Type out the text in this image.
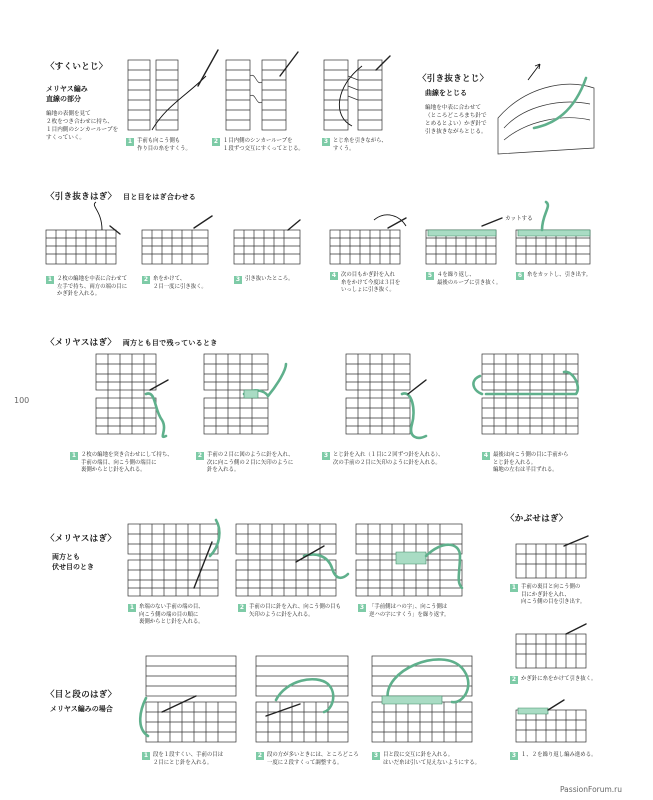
100
PassionForum.ru
〈すくいとじ〉
メリヤス編み
直線の部分
編地の表側を見て
２枚をつき合わせに持ち、
１目内側のシンカーループを
すくっていく。	1 手前も向こう側も
作り目の糸をすくう。
2 １目内側のシンカーループを
１段ずつ交互にすくってとじる。
3 とじ糸を引きながら、
すくう。
〈引き抜きとじ〉
曲線をとじる
編地を中表に合わせて
（ところどころまち針で
とめるとよい）かぎ針で
引き抜きながらとじる。
〈引き抜きはぎ〉 目と目をはぎ合わせる
カットする
1 ２枚の編地を中表に合わせて
左手で持ち、両方の端の目に
かぎ針を入れる。
2 糸をかけて、
２目一度に引き抜く。
3 引き抜いたところ。	4 次の目もかぎ針を入れ
糸をかけて今度は３目を
いっしょに引き抜く。
5 ４を繰り返し、
最後のループに引き抜く。
6 糸をカットし、引き出す。
〈メリヤスはぎ〉 両方とも目で残っているとき
1 ２枚の編地を突き合わせにして持ち、
手前の端目、向こう側の端目に
裏側からとじ針を入れる。
2 手前の２目に図のように針を入れ、
次に向こう側の２目に矢印のように
針を入れる。
3 とじ針を入れ（１目に２回ずつ針を入れる）、
次の手前の２目に矢印のように針を入れる。
4 最後は向こう側の目に手前から
とじ針を入れる。
編地の左右は半目ずれる。
〈メリヤスはぎ〉
両方とも
伏せ目のとき
1 糸端のない手前の端の目、
向こう側の端の目の順に
裏側からとじ針を入れる。
2 手前の目に針を入れ、向こう側の目も
矢印のように針を入れる。
3 「手前側はハの字」、向こう側は
逆ハの字にすくう」を繰り返す。
〈かぶせはぎ〉
1 手前の裏目と向こう側の
目にかぎ針を入れ、
向こう側の目を引き出す。
2 かぎ針に糸をかけて引き抜く。
3 １、２を繰り返し編み進める。
〈目と段のはぎ〉
メリヤス編みの場合
1 段を１段すくい、手前の目は
２目にとじ針を入れる。
2 段の方が多いときには、ところどころ
一度に２段すくって調整する。
3 目と段に交互に針を入れる。
はいだ糸は引いて見えないようにする。
